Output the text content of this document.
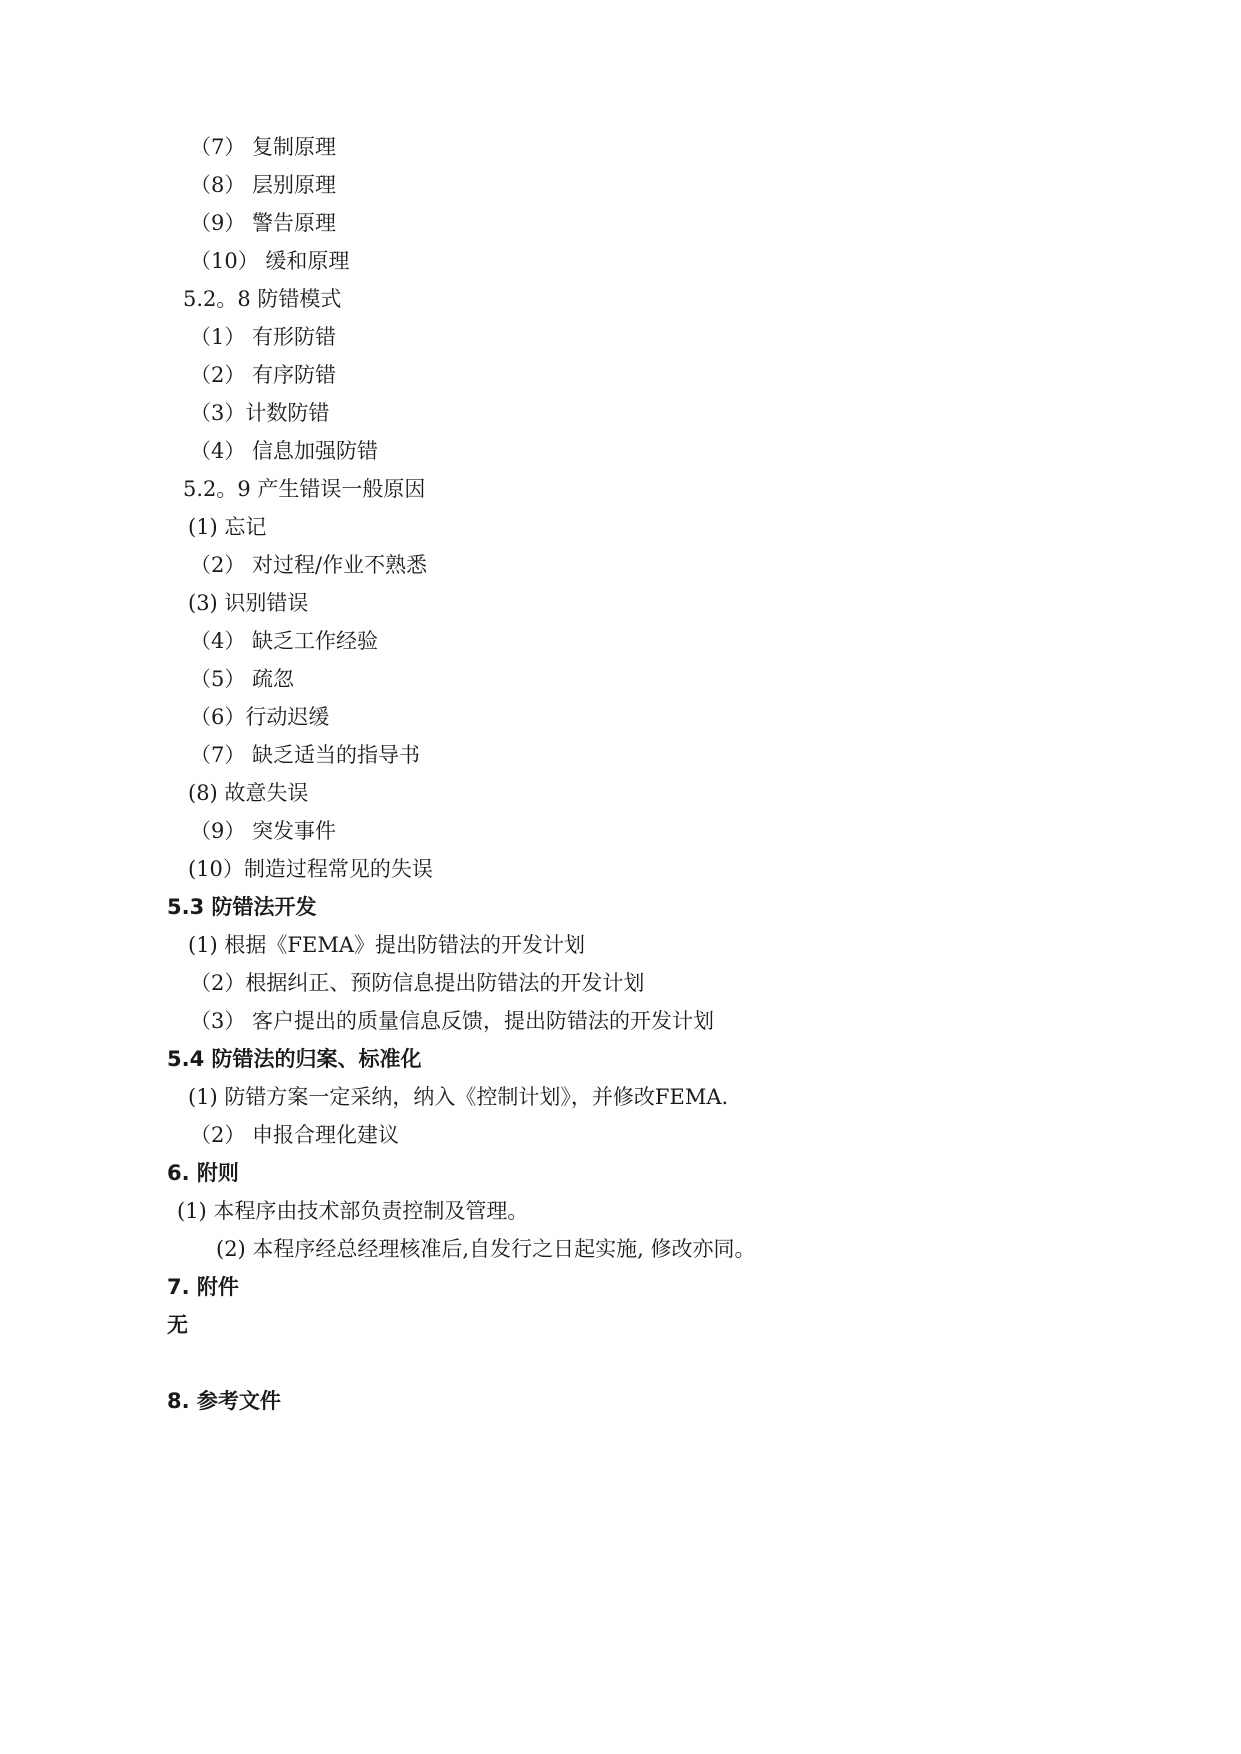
（7） 复制原理
（8） 层别原理
（9） 警告原理
（10） 缓和原理
5.2。8 防错模式
（1） 有形防错
（2） 有序防错
（3）计数防错
（4） 信息加强防错
5.2。9 产生错误一般原因
(1) 忘记
（2） 对过程/作业不熟悉
(3) 识别错误
（4） 缺乏工作经验
（5） 疏忽
（6）行动迟缓
（7） 缺乏适当的指导书
(8) 故意失误
（9） 突发事件
(10）制造过程常见的失误
5.3 防错法开发
(1) 根据《FEMA》提出防错法的开发计划
（2）根据纠正、预防信息提出防错法的开发计划
（3） 客户提出的质量信息反馈，提出防错法的开发计划
5.4 防错法的归案、标准化
(1) 防错方案一定采纳，纳入《控制计划》，并修改FEMA.
（2） 申报合理化建议
6. 附则
(1) 本程序由技术部负责控制及管理。
(2) 本程序经总经理核准后,自发行之日起实施, 修改亦同。
7. 附件
无
8. 参考文件
